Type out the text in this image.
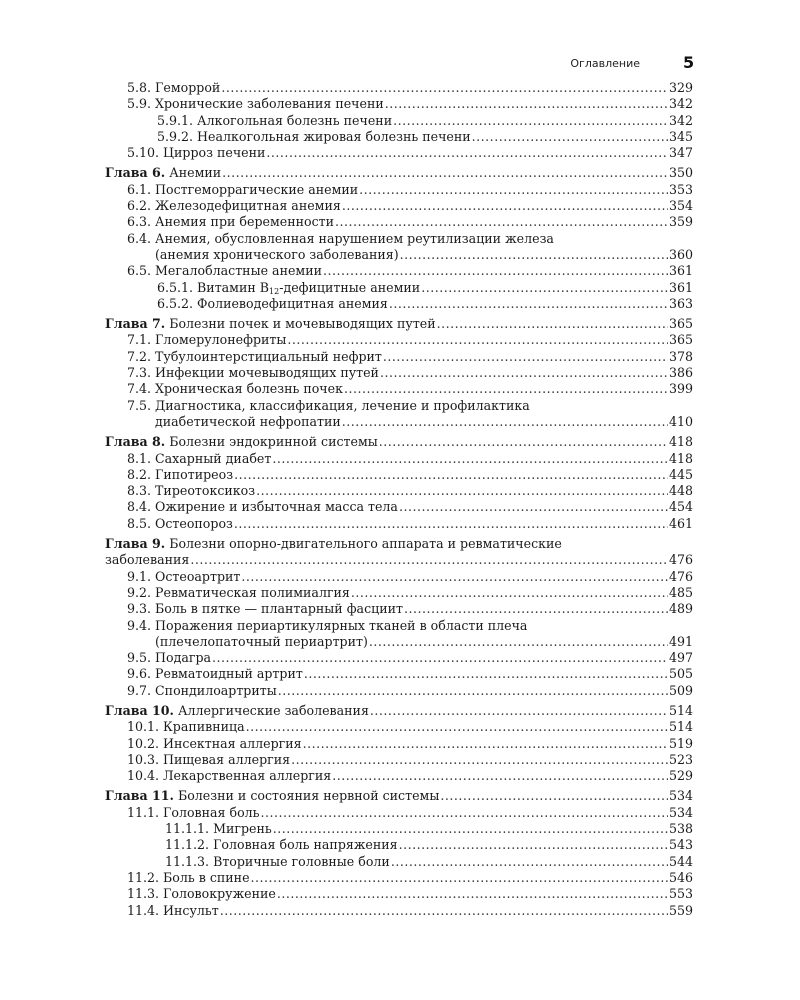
Оглавление	5
5.8. Геморрой .....	329
5.9. Хронические заболевания печени .....	342
5.9.1. Алкогольная болезнь печени .....	342
5.9.2. Неалкогольная жировая болезнь печени .....	345
5.10. Цирроз печени .....	347
Глава 6. Анемии .....	350
6.1. Постгеморрагические анемии .....	353
6.2. Железодефицитная анемия .....	354
6.3. Анемия при беременности .....	359
6.4. Анемия, обусловленная нарушением реутилизации железа
(анемия хронического заболевания) .....	360
6.5. Мегалобластные анемии .....	361
6.5.1. Витамин $B_{12}$-дефицитные анемии .....	361
6.5.2. Фолиеводефицитная анемия .....	363
Глава 7. Болезни почек и мочевыводящих путей .....	365
7.1. Гломерулонефриты .....	365
7.2. Тубулоинтерстициальный нефрит .....	378
7.3. Инфекции мочевыводящих путей .....	386
7.4. Хроническая болезнь почек .....	399
7.5. Диагностика, классификация, лечение и профилактика
диабетической нефропатии .....	410
Глава 8. Болезни эндокринной системы .....	418
8.1. Сахарный диабет .....	418
8.2. Гипотиреоз .....	445
8.3. Тиреотоксикоз .....	448
8.4. Ожирение и избыточная масса тела .....	454
8.5. Остеопороз .....	461
Глава 9. Болезни опорно-двигательного аппарата и ревматические
заболевания .....	476
9.1. Остеоартрит .....	476
9.2. Ревматическая полимиалгия .....	485
9.3. Боль в пятке — плантарный фасциит .....	489
9.4. Поражения периартикулярных тканей в области плеча
(плечелопаточный периартрит) .....	491
9.5. Подагра .....	497
9.6. Ревматоидный артрит .....	505
9.7. Спондилоартриты .....	509
Глава 10. Аллергические заболевания .....	514
10.1. Крапивница .....	514
10.2. Инсектная аллергия .....	519
10.3. Пищевая аллергия .....	523
10.4. Лекарственная аллергия .....	529
Глава 11. Болезни и состояния нервной системы .....	534
11.1. Головная боль .....	534
11.1.1. Мигрень .....	538
11.1.2. Головная боль напряжения .....	543
11.1.3. Вторичные головные боли .....	544
11.2. Боль в спине .....	546
11.3. Головокружение .....	553
11.4. Инсульт .....	559
